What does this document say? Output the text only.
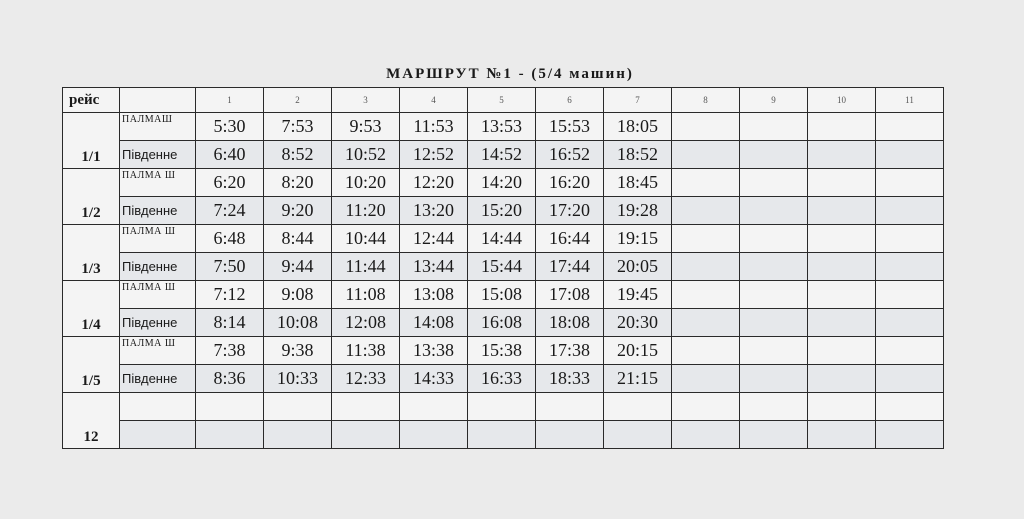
МАРШРУТ №1 - (5/4 машин)
рейс		1	2	3	4	5	6	7	8	9	10	11
1/1	ПАЛМАШ	5:30	7:53	9:53	11:53	13:53	15:53	18:05				
	Південне	6:40	8:52	10:52	12:52	14:52	16:52	18:52				
1/2	ПАЛМА Ш	6:20	8:20	10:20	12:20	14:20	16:20	18:45				
	Південне	7:24	9:20	11:20	13:20	15:20	17:20	19:28				
1/3	ПАЛМА Ш	6:48	8:44	10:44	12:44	14:44	16:44	19:15				
	Південне	7:50	9:44	11:44	13:44	15:44	17:44	20:05				
1/4	ПАЛМА Ш	7:12	9:08	11:08	13:08	15:08	17:08	19:45				
	Південне	8:14	10:08	12:08	14:08	16:08	18:08	20:30				
1/5	ПАЛМА Ш	7:38	9:38	11:38	13:38	15:38	17:38	20:15				
	Південне	8:36	10:33	12:33	14:33	16:33	18:33	21:15				
12												
